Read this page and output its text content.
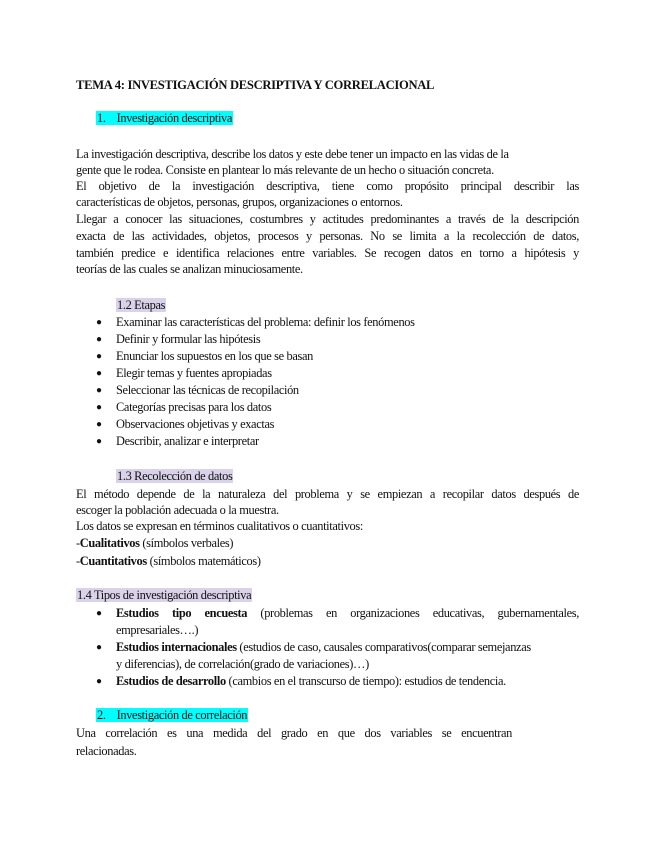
TEMA 4: INVESTIGACIÓN DESCRIPTIVA Y CORRELACIONAL
1. Investigación descriptiva
La investigación descriptiva, describe los datos y este debe tener un impacto en las vidas de la
gente que le rodea. Consiste en plantear lo más relevante de un hecho o situación concreta.
El objetivo de la investigación descriptiva, tiene como propósito principal describir las
características de objetos, personas, grupos, organizaciones o entornos.
Llegar a conocer las situaciones, costumbres y actitudes predominantes a través de la descripción
exacta de las actividades, objetos, procesos y personas. No se limita a la recolección de datos,
también predice e identifica relaciones entre variables. Se recogen datos en torno a hipótesis y
teorías de las cuales se analizan minuciosamente.
1.2 Etapas
● Examinar las características del problema: definir los fenómenos
● Definir y formular las hipótesis
● Enunciar los supuestos en los que se basan
● Elegir temas y fuentes apropiadas
● Seleccionar las técnicas de recopilación
● Categorías precisas para los datos
● Observaciones objetivas y exactas
● Describir, analizar e interpretar
1.3 Recolección de datos
El método depende de la naturaleza del problema y se empiezan a recopilar datos después de
escoger la población adecuada o la muestra.
Los datos se expresan en términos cualitativos o cuantitativos:
-Cualitativos (símbolos verbales)
-Cuantitativos (símbolos matemáticos)
1.4 Tipos de investigación descriptiva
● Estudios tipo encuesta (problemas en organizaciones educativas, gubernamentales,
empresariales….)
● Estudios internacionales (estudios de caso, causales comparativos(comparar semejanzas
y diferencias), de correlación(grado de variaciones)…)
● Estudios de desarrollo (cambios en el transcurso de tiempo): estudios de tendencia.
2. Investigación de correlación
Una correlación es una medida del grado en que dos variables se encuentran
relacionadas.
